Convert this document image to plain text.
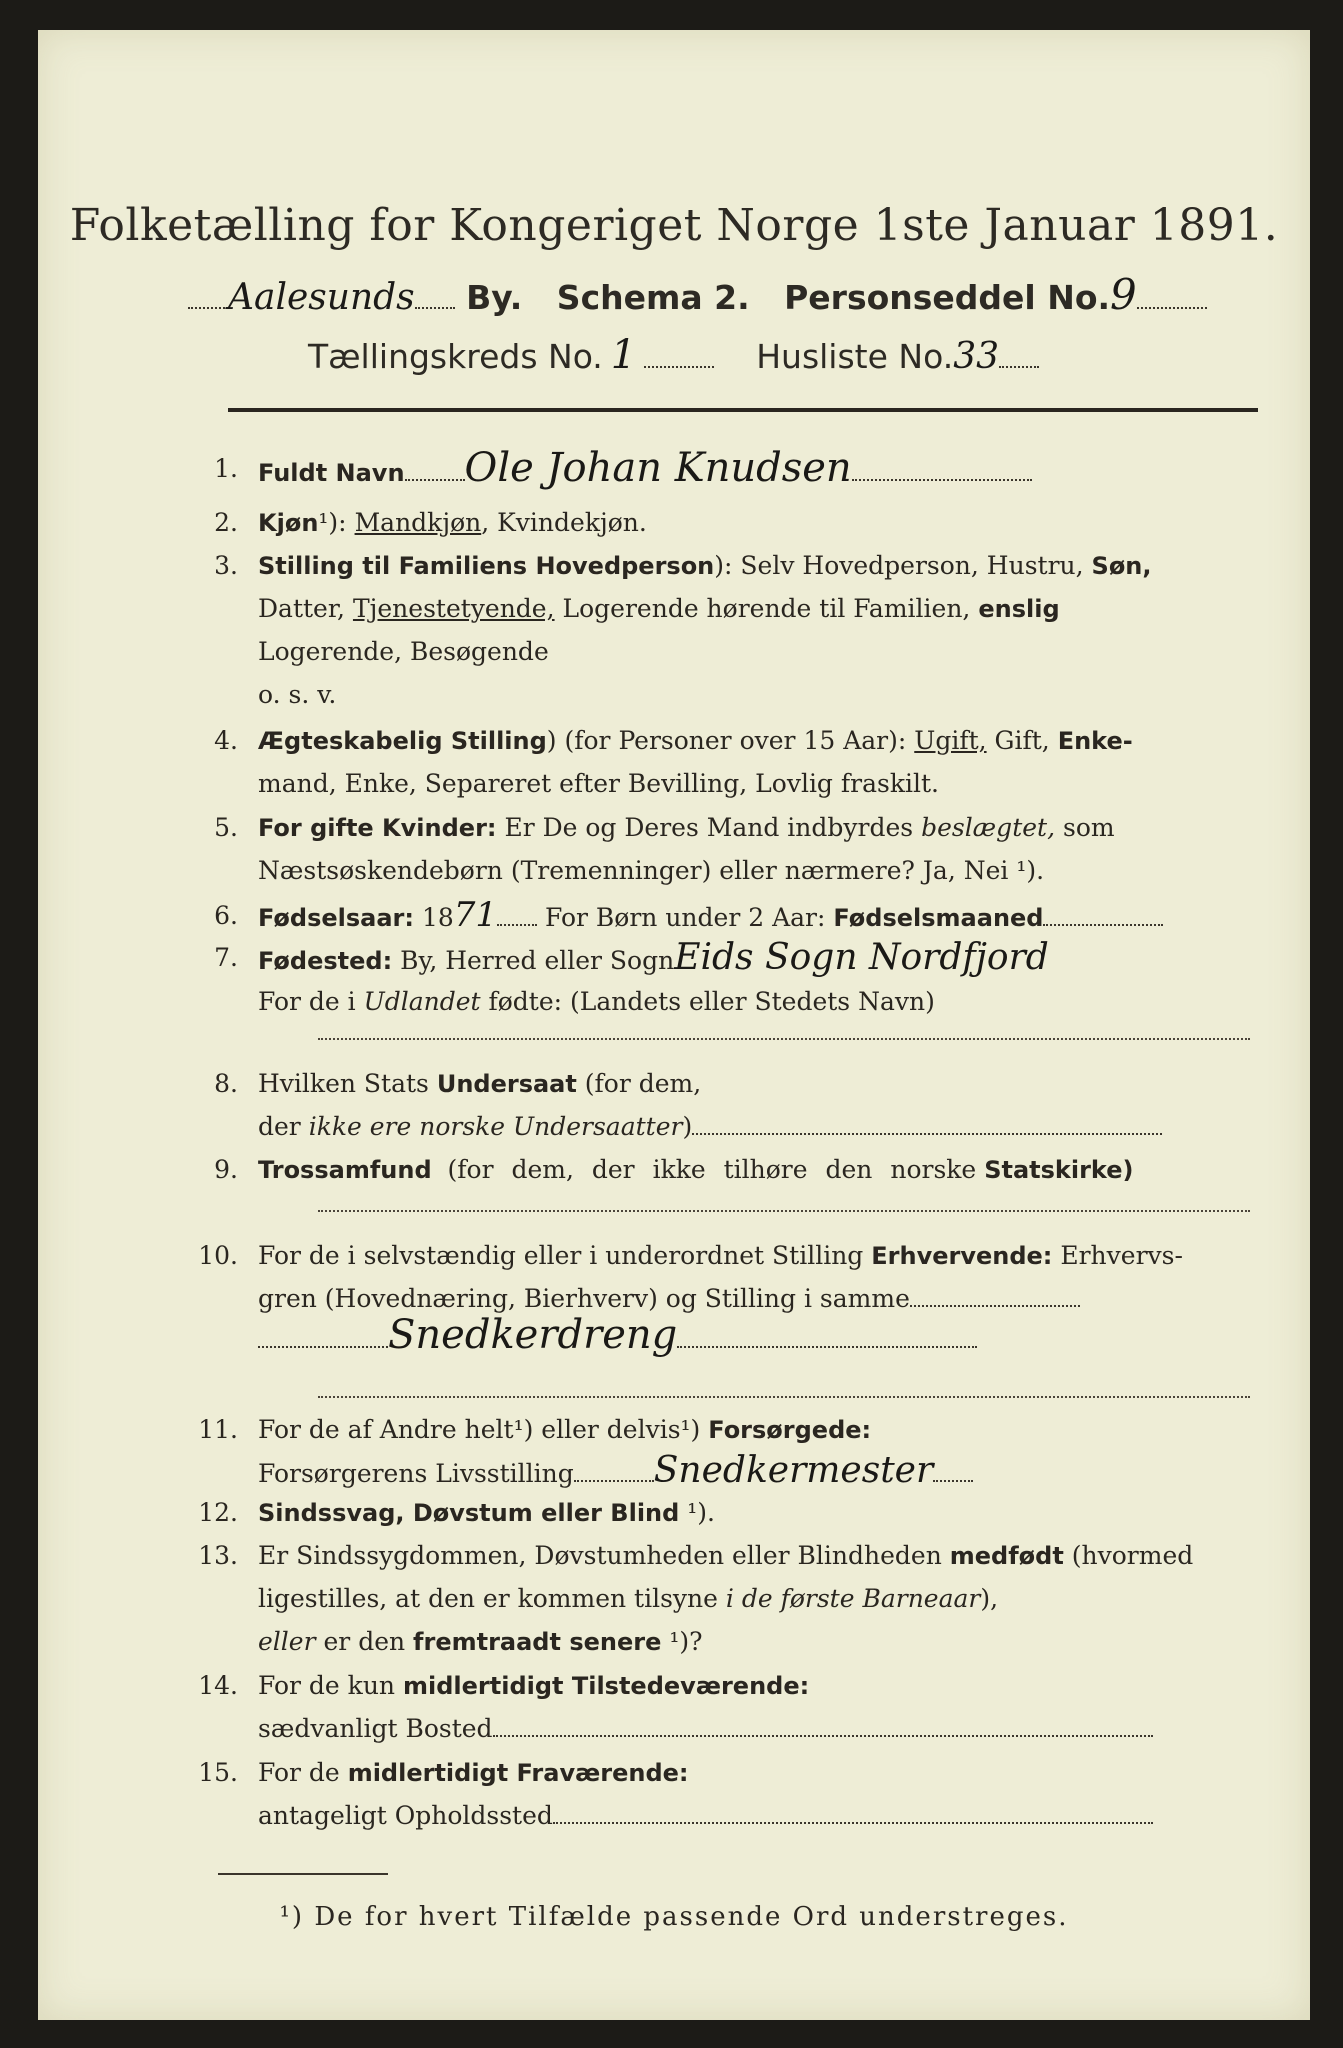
Folketælling for Kongeriget Norge 1ste Januar 1891.
Aalesunds By. Schema 2. Personseddel No.9
Tællingskreds No. 1	Husliste No.33
1. Fuldt Navn Ole Johan Knudsen
2. Kjøn¹): Mandkjøn, Kvindekjøn.
3. Stilling til Familiens Hovedperson): Selv Hovedperson, Hustru, Søn,
Datter, Tjenestetyende, Logerende hørende til Familien, enslig
Logerende, Besøgende
o. s. v.
4. Ægteskabelig Stilling) (for Personer over 15 Aar): Ugift, Gift, Enke-
mand, Enke, Separeret efter Bevilling, Lovlig fraskilt.
5. For gifte Kvinder: Er De og Deres Mand indbyrdes beslægtet, som
Næstsøskendebørn (Tremenninger) eller nærmere? Ja, Nei ¹).
6. Fødselsaar: 1871 For Børn under 2 Aar: Fødselsmaaned
7. Fødested: By, Herred eller SognEids Sogn Nordfjord
For de i Udlandet fødte: (Landets eller Stedets Navn)
8. Hvilken Stats Undersaat (for dem,
der ikke ere norske Undersaatter)
9. Trossamfund (for dem, der ikke tilhøre den norske Statskirke)
10. For de i selvstændig eller i underordnet Stilling Erhvervende: Erhvervs-
gren (Hovednæring, Bierhverv) og Stilling i samme
Snedkerdreng
11. For de af Andre helt¹) eller delvis¹) Forsørgede:
Forsørgerens Livsstilling Snedkermester
12. Sindssvag, Døvstum eller Blind ¹).
13. Er Sindssygdommen, Døvstumheden eller Blindheden medfødt (hvormed
ligestilles, at den er kommen tilsyne i de første Barneaar),
eller er den fremtraadt senere ¹)?
14. For de kun midlertidigt Tilstedeværende:
sædvanligt Bosted
15. For de midlertidigt Fraværende:
antageligt Opholdssted
¹) De for hvert Tilfælde passende Ord understreges.
